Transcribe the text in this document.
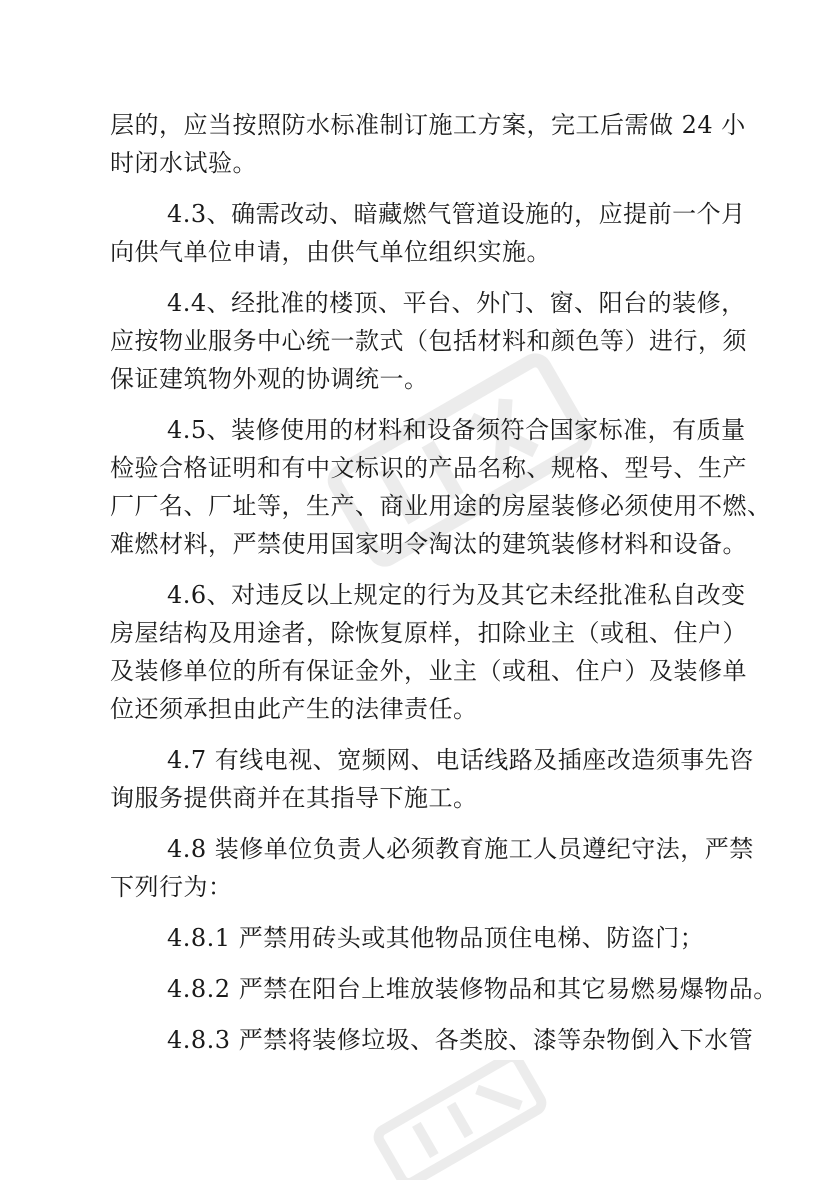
层的，应当按照防水标准制订施工方案，完工后需做 24 小
时闭水试验。
4.3、确需改动、暗藏燃气管道设施的，应提前一个月
向供气单位申请，由供气单位组织实施。
4.4、经批准的楼顶、平台、外门、窗、阳台的装修，
应按物业服务中心统一款式（包括材料和颜色等）进行，须
保证建筑物外观的协调统一。
4.5、装修使用的材料和设备须符合国家标准，有质量
检验合格证明和有中文标识的产品名称、规格、型号、生产
厂厂名、厂址等，生产、商业用途的房屋装修必须使用不燃、
难燃材料，严禁使用国家明令淘汰的建筑装修材料和设备。
4.6、对违反以上规定的行为及其它未经批准私自改变
房屋结构及用途者，除恢复原样，扣除业主（或租、住户）
及装修单位的所有保证金外，业主（或租、住户）及装修单
位还须承担由此产生的法律责任。
4.7 有线电视、宽频网、电话线路及插座改造须事先咨
询服务提供商并在其指导下施工。
4.8 装修单位负责人必须教育施工人员遵纪守法，严禁
下列行为：
4.8.1 严禁用砖头或其他物品顶住电梯、防盗门；
4.8.2 严禁在阳台上堆放装修物品和其它易燃易爆物品。
4.8.3 严禁将装修垃圾、各类胶、漆等杂物倒入下水管
